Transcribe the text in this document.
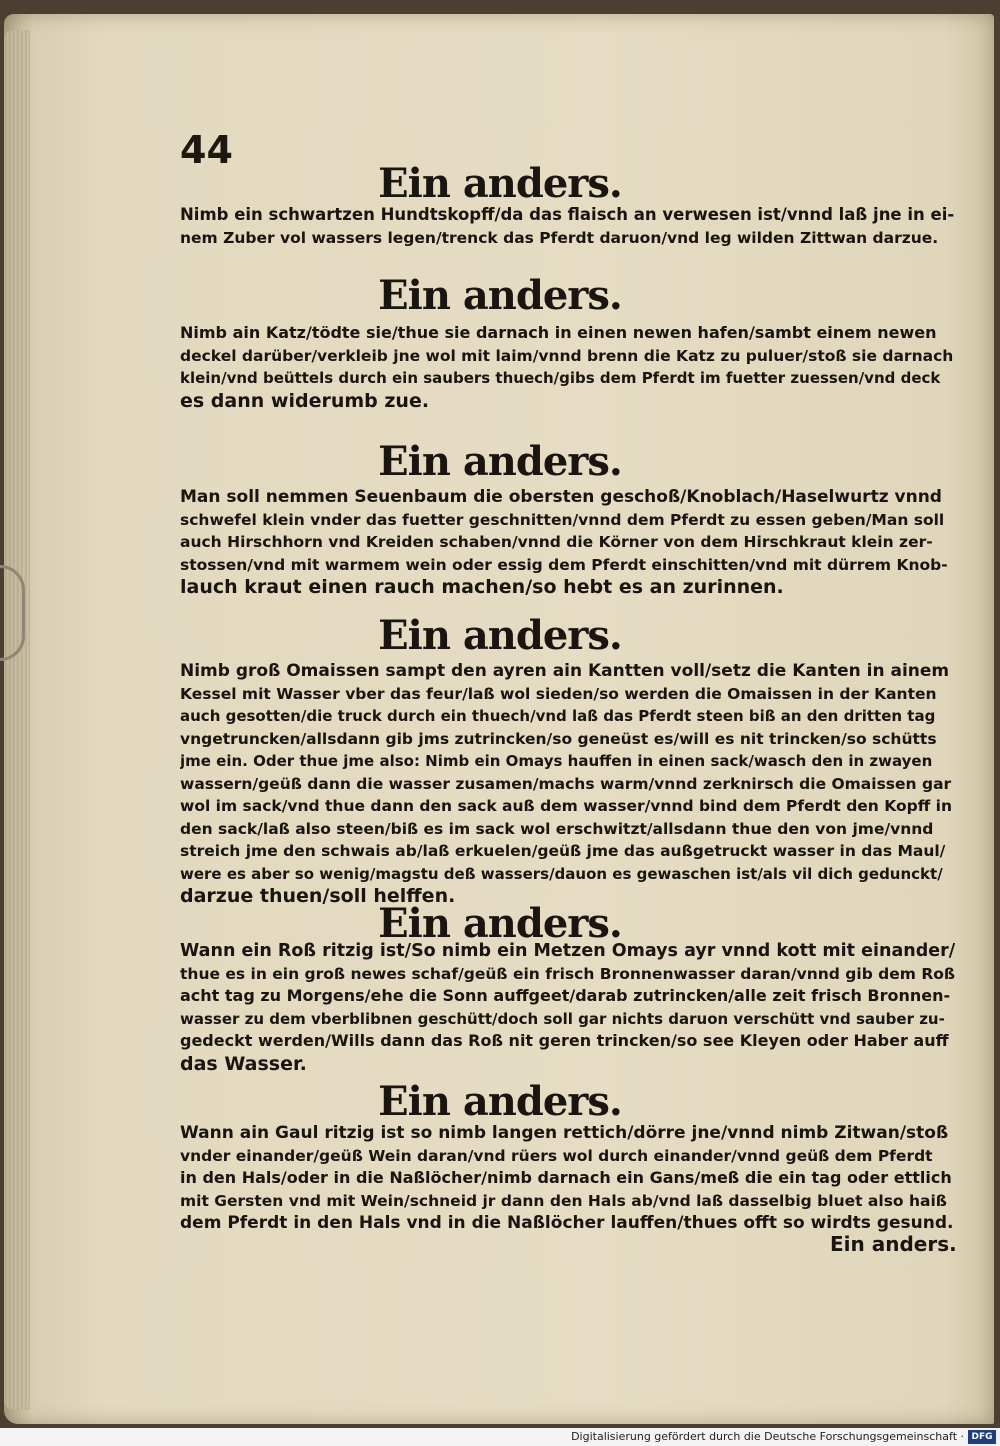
44
Ein anders.
Nimb ein schwartzen Hundtskopff/da das flaisch an verwesen ist/vnnd laß jne in ei-
nem Zuber vol wassers legen/trenck das Pferdt daruon/vnd leg wilden Zittwan darzue.
Ein anders.
Nimb ain Katz/tödte sie/thue sie darnach in einen newen hafen/sambt einem newen
deckel darüber/verkleib jne wol mit laim/vnnd brenn die Katz zu puluer/stoß sie darnach
klein/vnd beüttels durch ein saubers thuech/gibs dem Pferdt im fuetter zuessen/vnd deck
es dann widerumb zue.
Ein anders.
Man soll nemmen Seuenbaum die obersten geschoß/Knoblach/Haselwurtz vnnd
schwefel klein vnder das fuetter geschnitten/vnnd dem Pferdt zu essen geben/Man soll
auch Hirschhorn vnd Kreiden schaben/vnnd die Körner von dem Hirschkraut klein zer-
stossen/vnd mit warmem wein oder essig dem Pferdt einschitten/vnd mit dürrem Knob-
lauch kraut einen rauch machen/so hebt es an zurinnen.
Ein anders.
Nimb groß Omaissen sampt den ayren ain Kantten voll/setz die Kanten in ainem
Kessel mit Wasser vber das feur/laß wol sieden/so werden die Omaissen in der Kanten
auch gesotten/die truck durch ein thuech/vnd laß das Pferdt steen biß an den dritten tag
vngetruncken/allsdann gib jms zutrincken/so geneüst es/will es nit trincken/so schütts
jme ein. Oder thue jme also: Nimb ein Omays hauffen in einen sack/wasch den in zwayen
wassern/geüß dann die wasser zusamen/machs warm/vnnd zerknirsch die Omaissen gar
wol im sack/vnd thue dann den sack auß dem wasser/vnnd bind dem Pferdt den Kopff in
den sack/laß also steen/biß es im sack wol erschwitzt/allsdann thue den von jme/vnnd
streich jme den schwais ab/laß erkuelen/geüß jme das außgetruckt wasser in das Maul/
were es aber so wenig/magstu deß wassers/dauon es gewaschen ist/als vil dich gedunckt/
darzue thuen/soll helffen.
Ein anders.
Wann ein Roß ritzig ist/So nimb ein Metzen Omays ayr vnnd kott mit einander/
thue es in ein groß newes schaf/geüß ein frisch Bronnenwasser daran/vnnd gib dem Roß
acht tag zu Morgens/ehe die Sonn auffgeet/darab zutrincken/alle zeit frisch Bronnen-
wasser zu dem vberblibnen geschütt/doch soll gar nichts daruon verschütt vnd sauber zu-
gedeckt werden/Wills dann das Roß nit geren trincken/so see Kleyen oder Haber auff
das Wasser.
Ein anders.
Wann ain Gaul ritzig ist so nimb langen rettich/dörre jne/vnnd nimb Zitwan/stoß
vnder einander/geüß Wein daran/vnd rüers wol durch einander/vnnd geüß dem Pferdt
in den Hals/oder in die Naßlöcher/nimb darnach ein Gans/meß die ein tag oder ettlich
mit Gersten vnd mit Wein/schneid jr dann den Hals ab/vnd laß dasselbig bluet also haiß
dem Pferdt in den Hals vnd in die Naßlöcher lauffen/thues offt so wirdts gesund.
Ein anders.
Digitalisierung gefördert durch die Deutsche Forschungsgemeinschaft · DFG
